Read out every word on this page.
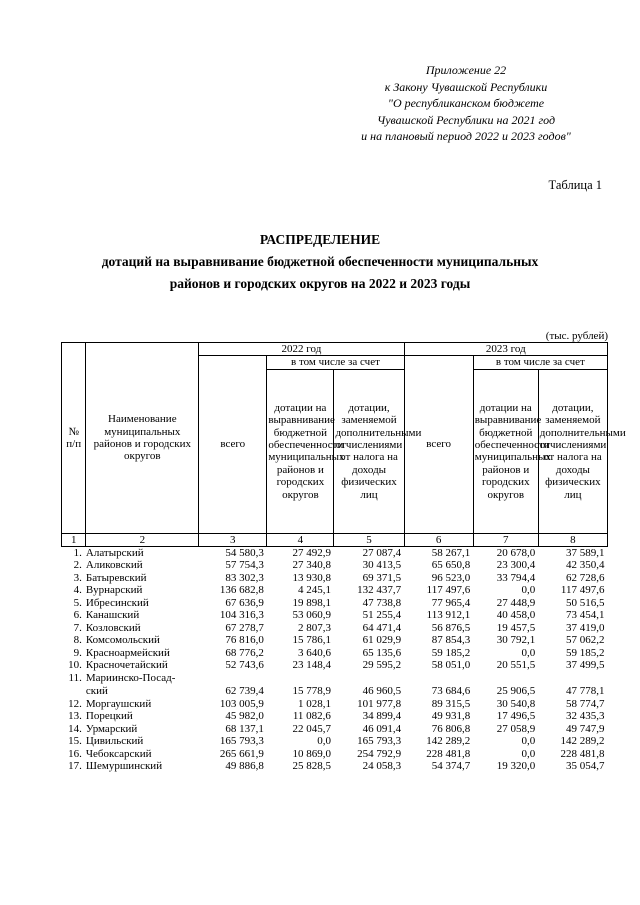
Приложение 22
к Закону Чувашской Республики
"О республиканском бюджете
Чувашской Республики на 2021 год
и на плановый период 2022 и 2023 годов"
Таблица 1
РАСПРЕДЕЛЕНИЕ
дотаций на выравнивание бюджетной обеспеченности муниципальных
районов и городских округов на 2022 и 2023 годы
(тыс. рублей)
№ п/п	Наименование муниципальных районов и городских округов	2022 год			2023 год		
		всего	в том числе за счет		всего	в том числе за счет	
			дотации на выравнивание бюджетной обеспеченности муниципальных районов и городских округов	дотации, заменяемой дополнительными отчислениями от налога на доходы физических лиц		дотации на выравнивание бюджетной обеспеченности муниципальных районов и городских округов	дотации, заменяемой дополнительными отчислениями от налога на доходы физических лиц
1	2	3	4	5	6	7	8
1.	Алатырский	54 580,3	27 492,9	27 087,4	58 267,1	20 678,0	37 589,1
2.	Аликовский	57 754,3	27 340,8	30 413,5	65 650,8	23 300,4	42 350,4
3.	Батыревский	83 302,3	13 930,8	69 371,5	96 523,0	33 794,4	62 728,6
4.	Вурнарский	136 682,8	4 245,1	132 437,7	117 497,6	0,0	117 497,6
5.	Ибресинский	67 636,9	19 898,1	47 738,8	77 965,4	27 448,9	50 516,5
6.	Канашский	104 316,3	53 060,9	51 255,4	113 912,1	40 458,0	73 454,1
7.	Козловский	67 278,7	2 807,3	64 471,4	56 876,5	19 457,5	37 419,0
8.	Комсомольский	76 816,0	15 786,1	61 029,9	87 854,3	30 792,1	57 062,2
9.	Красноармейский	68 776,2	3 640,6	65 135,6	59 185,2	0,0	59 185,2
10.	Красночетайский	52 743,6	23 148,4	29 595,2	58 051,0	20 551,5	37 499,5
11.	Мариинско-Посад-ский	62 739,4	15 778,9	46 960,5	73 684,6	25 906,5	47 778,1
12.	Моргаушский	103 005,9	1 028,1	101 977,8	89 315,5	30 540,8	58 774,7
13.	Порецкий	45 982,0	11 082,6	34 899,4	49 931,8	17 496,5	32 435,3
14.	Урмарский	68 137,1	22 045,7	46 091,4	76 806,8	27 058,9	49 747,9
15.	Цивильский	165 793,3	0,0	165 793,3	142 289,2	0,0	142 289,2
16.	Чебоксарский	265 661,9	10 869,0	254 792,9	228 481,8	0,0	228 481,8
17.	Шемуршинский	49 886,8	25 828,5	24 058,3	54 374,7	19 320,0	35 054,7
